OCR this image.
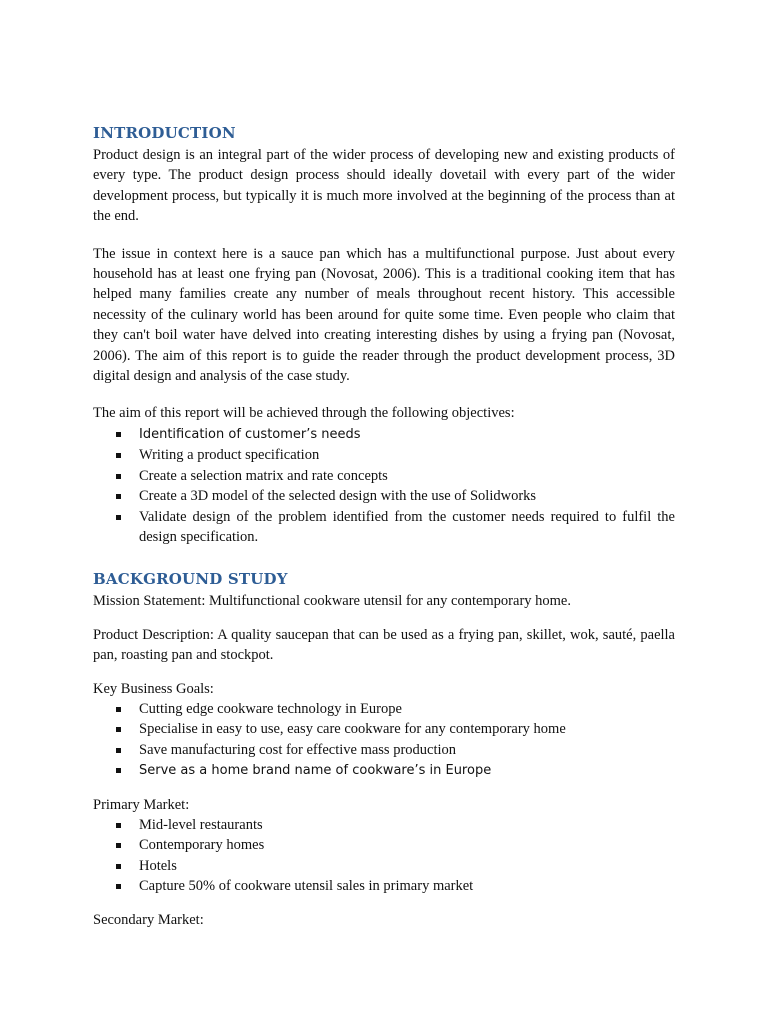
INTRODUCTION

Product design is an integral part of the wider process of developing new and existing products of every type. The product design process should ideally dovetail with every part of the wider development process, but typically it is much more involved at the beginning of the process than at the end.

The issue in context here is a sauce pan which has a multifunctional purpose. Just about every household has at least one frying pan (Novosat, 2006). This is a traditional cooking item that has helped many families create any number of meals throughout recent history. This accessible necessity of the culinary world has been around for quite some time. Even people who claim that they can't boil water have delved into creating interesting dishes by using a frying pan (Novosat, 2006). The aim of this report is to guide the reader through the product development process, 3D digital design and analysis of the case study.

The aim of this report will be achieved through the following objectives:

Identification of customer’s needs
Writing a product specification
Create a selection matrix and rate concepts
Create a 3D model of the selected design with the use of Solidworks
Validate design of the problem identified from the customer needs required to fulfil the design specification.
BACKGROUND STUDY

Mission Statement: Multifunctional cookware utensil for any contemporary home.

Product Description: A quality saucepan that can be used as a frying pan, skillet, wok, sauté, paella pan, roasting pan and stockpot.

Key Business Goals:

Cutting edge cookware technology in Europe
Specialise in easy to use, easy care cookware for any contemporary home
Save manufacturing cost for effective mass production
Serve as a home brand name of cookware’s in Europe

Primary Market:

Mid-level restaurants
Contemporary homes
Hotels
Capture 50% of cookware utensil sales in primary market

Secondary Market:
